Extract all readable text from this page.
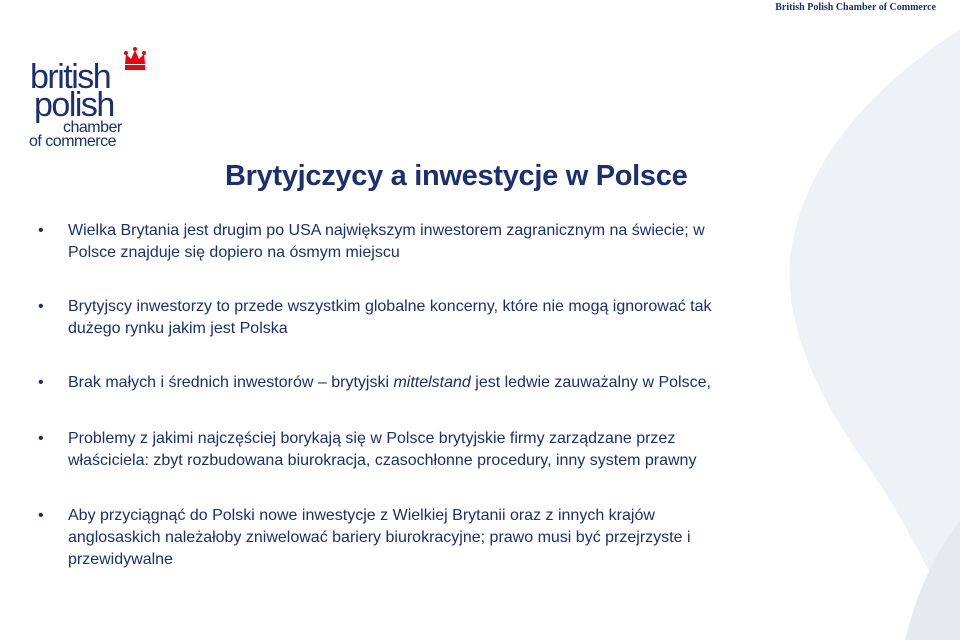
British Polish Chamber of Commerce
british
polish
chamber
of commerce
Brytyjczycy a inwestycje w Polsce
•	Wielka Brytania jest drugim po USA największym inwestorem zagranicznym na świecie; w
Polsce znajduje się dopiero na ósmym miejscu
•	Brytyjscy inwestorzy to przede wszystkim globalne koncerny, które nie mogą ignorować tak
dużego rynku jakim jest Polska
•	Brak małych i średnich inwestorów – brytyjski mittelstand jest ledwie zauważalny w Polsce,
•	Problemy z jakimi najczęściej borykają się w Polsce brytyjskie firmy zarządzane przez
właściciela: zbyt rozbudowana biurokracja, czasochłonne procedury, inny system prawny
•	Aby przyciągnąć do Polski nowe inwestycje z Wielkiej Brytanii oraz z innych krajów
anglosaskich należałoby zniwelować bariery biurokracyjne; prawo musi być przejrzyste i
przewidywalne
